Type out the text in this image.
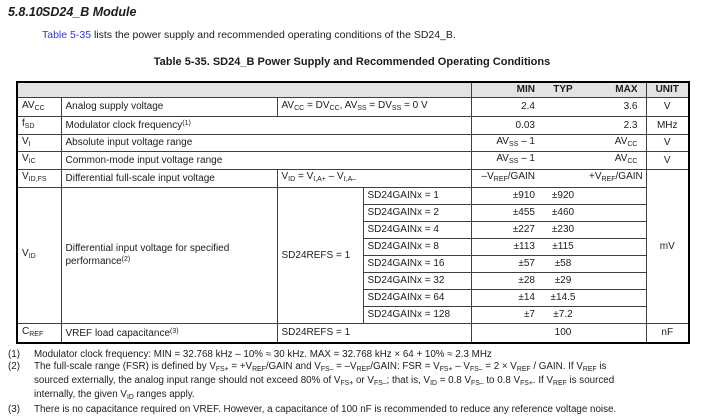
5.8.10SD24_B Module
Table 5-35 lists the power supply and recommended operating conditions of the SD24_B.
Table 5-35. SD24_B Power Supply and Recommended Operating Conditions
				MIN	TYP	MAX	UNIT
$AV_{CC}$	Analog supply voltage	$AV_{CC} = DV_{CC}$, $AV_{SS} = DV_{SS} = 0$ V		2.4		3.6	V
$f_{SD}$	Modulator clock frequency$^{(1)}$			0.03		2.3	MHz
$V_I$	Absolute input voltage range			$AV_{SS} - 1$		$AV_{CC}$	V
$V_{IC}$	Common-mode input voltage range			$AV_{SS} - 1$		$AV_{CC}$	V
$V_{ID,FS}$	Differential full-scale input voltage	$V_{ID} = V_{I,A+} - V_{I,A-}$		$-V_{REF}$/GAIN		$+V_{REF}$/GAIN	mV
$V_{ID}$	Differential input voltage for specified performance$^{(2)}$	SD24REFS = 1	SD24GAINx = 1	±910	±920		
			SD24GAINx = 2	±455	±460		
			SD24GAINx = 4	±227	±230		
			SD24GAINx = 8	±113	±115		
			SD24GAINx = 16	±57	±58		
			SD24GAINx = 32	±28	±29		
			SD24GAINx = 64	±14	±14.5		
			SD24GAINx = 128	±7	±7.2		
$C_{REF}$	VREF load capacitance$^{(3)}$	SD24REFS = 1			100		nF
(1)	Modulator clock frequency: MIN = 32.768 kHz – 10% ≈ 30 kHz. MAX = 32.768 kHz × 64 + 10% ≈ 2.3 MHz
(2)	The full-scale range (FSR) is defined by $V_{FS+}$ = $+V_{REF}$/GAIN and $V_{FS-}$ = $-V_{REF}$/GAIN: FSR = $V_{FS+} - V_{FS-} = 2 \times V_{REF}$ / GAIN. If $V_{REF}$ is
sourced externally, the analog input range should not exceed 80% of $V_{FS+}$ or $V_{FS-}$; that is, $V_{ID} = 0.8$ $V_{FS-}$ to 0.8 $V_{FS+}$. If $V_{REF}$ is sourced
internally, the given $V_{ID}$ ranges apply.
(3)	There is no capacitance required on VREF. However, a capacitance of 100 nF is recommended to reduce any reference voltage noise.
